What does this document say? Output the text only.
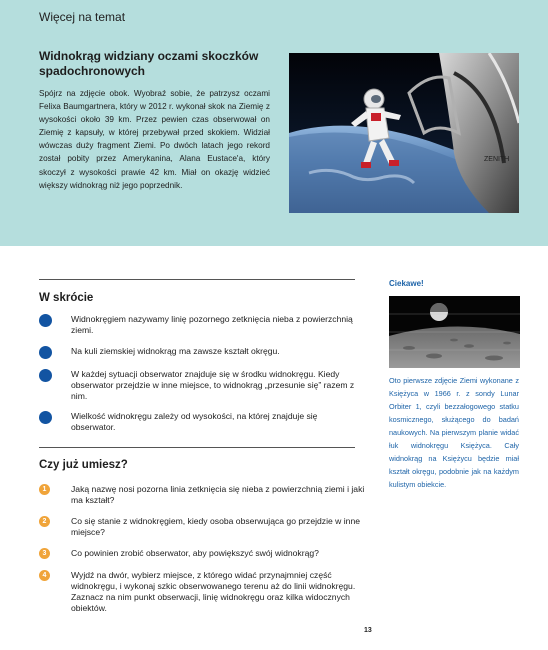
Więcej na temat
Widnokrąg widziany oczami skoczków spadochronowych
Spójrz na zdjęcie obok. Wyobraź sobie, że patrzysz oczami Felixa Baumgartnera, który w 2012 r. wykonał skok na Ziemię z wysokości około 39 km. Przez pewien czas obserwował on Ziemię z kapsuły, w której przebywał przed skokiem. Widział wówczas duży fragment Ziemi. Po dwóch latach jego rekord został pobity przez Amerykanina, Alana Eustace'a, który skoczył z wysokości prawie 42 km. Miał on okazję widzieć większy widnokrąg niż jego poprzednik.
ZENITH
W skrócie
Widnokręgiem nazywamy linię pozornego zetknięcia nieba z powierzchnią ziemi.
Na kuli ziemskiej widnokrąg ma zawsze kształt okręgu.
W każdej sytuacji obserwator znajduje się w środku widnokręgu. Kiedy obserwator przejdzie w inne miejsce, to widnokrąg „przesunie się” razem z nim.
Wielkość widnokręgu zależy od wysokości, na której znajduje się obserwator.
Czy już umiesz?
1	Jaką nazwę nosi pozorna linia zetknięcia się nieba z powierzchnią ziemi i jaki ma kształt?
2	Co się stanie z widnokręgiem, kiedy osoba obserwująca go przejdzie w inne miejsce?
3	Co powinien zrobić obserwator, aby powiększyć swój widnokrąg?
4	Wyjdź na dwór, wybierz miejsce, z którego widać przynajmniej część widnokręgu, i wykonaj szkic obserwowanego terenu aż do linii widnokręgu. Zaznacz na nim punkt obserwacji, linię widnokręgu oraz kilka widocznych obiektów.
Ciekawe!
Oto pierwsze zdjęcie Ziemi wykonane z Księżyca w 1966 r. z sondy Lunar Orbiter 1, czyli bezzałogowego statku kosmicznego, służącego do badań naukowych. Na pierwszym planie widać łuk widnokręgu Księżyca. Cały widnokrąg na Księżycu będzie miał kształt okręgu, podobnie jak na każdym kulistym obiekcie.
13
